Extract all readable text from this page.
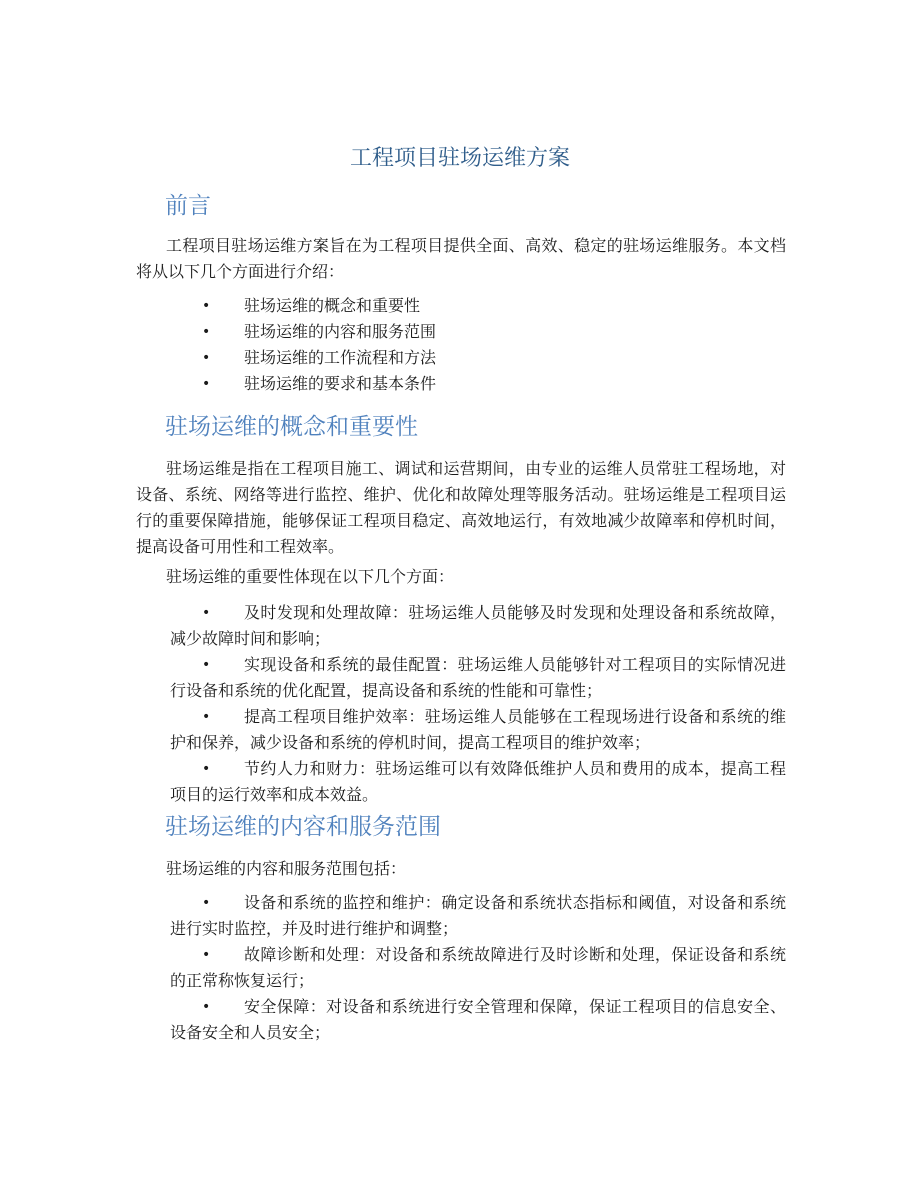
工程项目驻场运维方案
前言

工程项目驻场运维方案旨在为工程项目提供全面、高效、稳定的驻场运维服务。本文档将从以下几个方面进行介绍：

• 驻场运维的概念和重要性
• 驻场运维的内容和服务范围
• 驻场运维的工作流程和方法
• 驻场运维的要求和基本条件
驻场运维的概念和重要性

驻场运维是指在工程项目施工、调试和运营期间，由专业的运维人员常驻工程场地，对设备、系统、网络等进行监控、维护、优化和故障处理等服务活动。驻场运维是工程项目运行的重要保障措施，能够保证工程项目稳定、高效地运行，有效地减少故障率和停机时间，提高设备可用性和工程效率。

驻场运维的重要性体现在以下几个方面：

• 及时发现和处理故障：驻场运维人员能够及时发现和处理设备和系统故障，减少故障时间和影响；
• 实现设备和系统的最佳配置：驻场运维人员能够针对工程项目的实际情况进行设备和系统的优化配置，提高设备和系统的性能和可靠性；
• 提高工程项目维护效率：驻场运维人员能够在工程现场进行设备和系统的维护和保养，减少设备和系统的停机时间，提高工程项目的维护效率；
• 节约人力和财力：驻场运维可以有效降低维护人员和费用的成本，提高工程项目的运行效率和成本效益。
驻场运维的内容和服务范围

驻场运维的内容和服务范围包括：

• 设备和系统的监控和维护：确定设备和系统状态指标和阈值，对设备和系统进行实时监控，并及时进行维护和调整；
• 故障诊断和处理：对设备和系统故障进行及时诊断和处理，保证设备和系统的正常称恢复运行；
• 安全保障：对设备和系统进行安全管理和保障，保证工程项目的信息安全、设备安全和人员安全；
